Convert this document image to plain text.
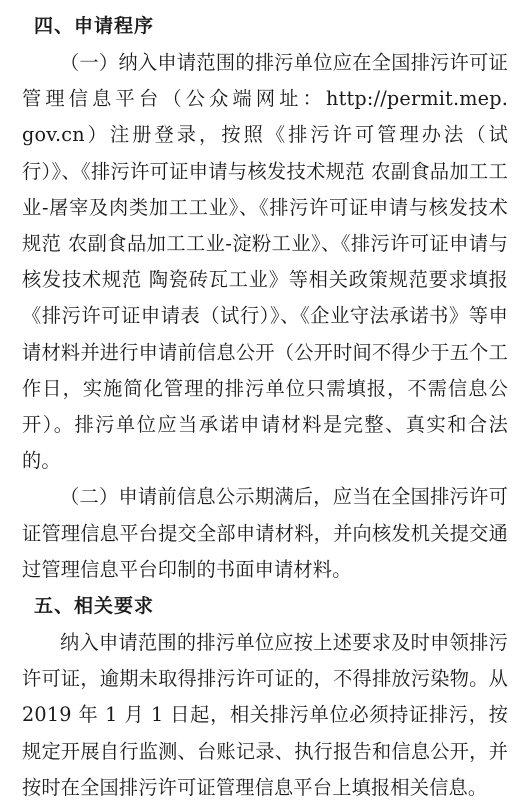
四、申请程序

（一）纳入申请范围的排污单位应在全国排污许可证管理信息平台（公众端网址：http://permit.mep. gov.cn）注册登录，按照《排污许可管理办法（试行）》、《排污许可证申请与核发技术规范 农副食品加工工业-屠宰及肉类加工工业》、《排污许可证申请与核发技术规范 农副食品加工工业-淀粉工业》、《排污许可证申请与核发技术规范 陶瓷砖瓦工业》等相关政策规范要求填报《排污许可证申请表（试行）》、《企业守法承诺书》等申请材料并进行申请前信息公开（公开时间不得少于五个工作日，实施简化管理的排污单位只需填报，不需信息公开）。排污单位应当承诺申请材料是完整、真实和合法的。

（二）申请前信息公示期满后，应当在全国排污许可证管理信息平台提交全部申请材料，并向核发机关提交通过管理信息平台印制的书面申请材料。

五、相关要求

纳入申请范围的排污单位应按上述要求及时申领排污许可证，逾期未取得排污许可证的，不得排放污染物。从 2019 年 1 月 1 日起，相关排污单位必须持证排污，按规定开展自行监测、台账记录、执行报告和信息公开，并按时在全国排污许可证管理信息平台上填报相关信息。
